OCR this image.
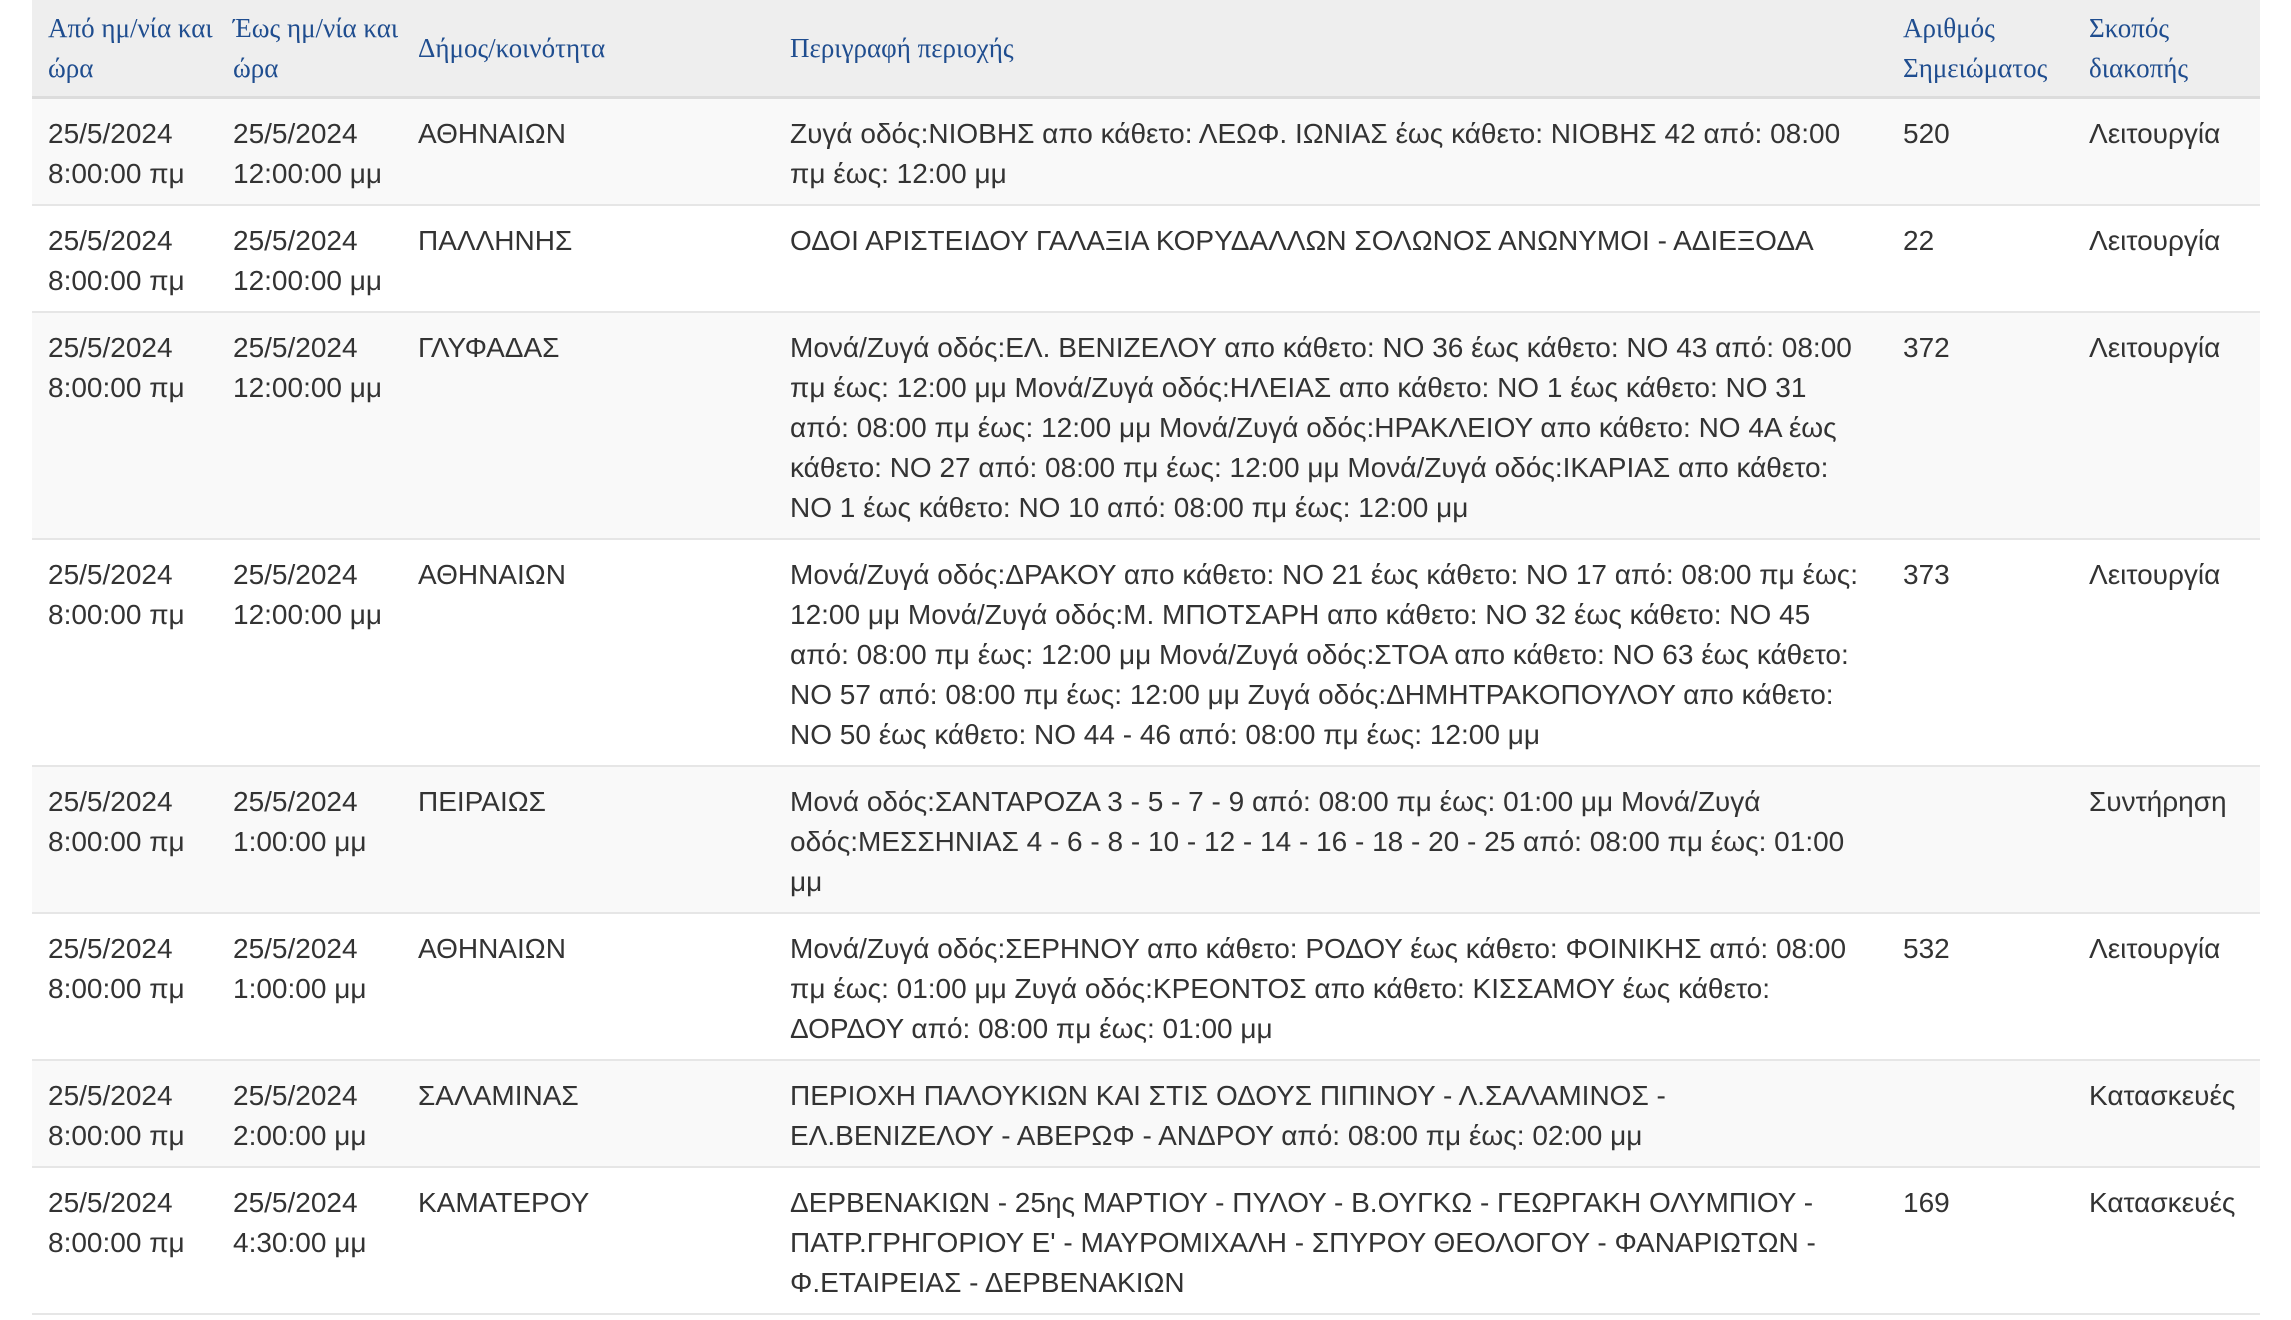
Από ημ/νία και ώρα	Έως ημ/νία και ώρα	Δήμος/κοινότητα	Περιγραφή περιοχής	Αριθμός Σημειώματος	Σκοπός διακοπής
25/5/2024 8:00:00 πμ	25/5/2024 12:00:00 μμ	ΑΘΗΝΑΙΩΝ	Ζυγά οδός:ΝΙΟΒΗΣ απο κάθετο: ΛΕΩΦ. ΙΩΝΙΑΣ έως κάθετο: ΝΙΟΒΗΣ 42 από: 08:00 πμ έως: 12:00 μμ	520	Λειτουργία
25/5/2024 8:00:00 πμ	25/5/2024 12:00:00 μμ	ΠΑΛΛΗΝΗΣ	ΟΔΟΙ ΑΡΙΣΤΕΙΔΟΥ ΓΑΛΑΞΙΑ ΚΟΡΥΔΑΛΛΩΝ ΣΟΛΩΝΟΣ ΑΝΩΝΥΜΟΙ - ΑΔΙΕΞΟΔΑ	22	Λειτουργία
25/5/2024 8:00:00 πμ	25/5/2024 12:00:00 μμ	ΓΛΥΦΑΔΑΣ	Μονά/Ζυγά οδός:ΕΛ. ΒΕΝΙΖΕΛΟΥ απο κάθετο: ΝΟ 36 έως κάθετο: ΝΟ 43 από: 08:00 πμ έως: 12:00 μμ Μονά/Ζυγά οδός:ΗΛΕΙΑΣ απο κάθετο: ΝΟ 1 έως κάθετο: ΝΟ 31 από: 08:00 πμ έως: 12:00 μμ Μονά/Ζυγά οδός:ΗΡΑΚΛΕΙΟΥ απο κάθετο: ΝΟ 4Α έως κάθετο: ΝΟ 27 από: 08:00 πμ έως: 12:00 μμ Μονά/Ζυγά οδός:ΙΚΑΡΙΑΣ απο κάθετο: ΝΟ 1 έως κάθετο: ΝΟ 10 από: 08:00 πμ έως: 12:00 μμ	372	Λειτουργία
25/5/2024 8:00:00 πμ	25/5/2024 12:00:00 μμ	ΑΘΗΝΑΙΩΝ	Μονά/Ζυγά οδός:ΔΡΑΚΟΥ απο κάθετο: ΝΟ 21 έως κάθετο: ΝΟ 17 από: 08:00 πμ έως: 12:00 μμ Μονά/Ζυγά οδός:Μ. ΜΠΟΤΣΑΡΗ απο κάθετο: ΝΟ 32 έως κάθετο: ΝΟ 45 από: 08:00 πμ έως: 12:00 μμ Μονά/Ζυγά οδός:ΣΤΟΑ απο κάθετο: ΝΟ 63 έως κάθετο: ΝΟ 57 από: 08:00 πμ έως: 12:00 μμ Ζυγά οδός:ΔΗΜΗΤΡΑΚΟΠΟΥΛΟΥ απο κάθετο: ΝΟ 50 έως κάθετο: ΝΟ 44 - 46 από: 08:00 πμ έως: 12:00 μμ	373	Λειτουργία
25/5/2024 8:00:00 πμ	25/5/2024 1:00:00 μμ	ΠΕΙΡΑΙΩΣ	Μονά οδός:ΣΑΝΤΑΡΟΖΑ 3 - 5 - 7 - 9 από: 08:00 πμ έως: 01:00 μμ Μονά/Ζυγά οδός:ΜΕΣΣΗΝΙΑΣ 4 - 6 - 8 - 10 - 12 - 14 - 16 - 18 - 20 - 25 από: 08:00 πμ έως: 01:00 μμ		Συντήρηση
25/5/2024 8:00:00 πμ	25/5/2024 1:00:00 μμ	ΑΘΗΝΑΙΩΝ	Μονά/Ζυγά οδός:ΣΕΡΗΝΟΥ απο κάθετο: ΡΟΔΟΥ έως κάθετο: ΦΟΙΝΙΚΗΣ από: 08:00 πμ έως: 01:00 μμ Ζυγά οδός:ΚΡΕΟΝΤΟΣ απο κάθετο: ΚΙΣΣΑΜΟΥ έως κάθετο: ΔΟΡΔΟΥ από: 08:00 πμ έως: 01:00 μμ	532	Λειτουργία
25/5/2024 8:00:00 πμ	25/5/2024 2:00:00 μμ	ΣΑΛΑΜΙΝΑΣ	ΠΕΡΙΟΧΗ ΠΑΛΟΥΚΙΩΝ ΚΑΙ ΣΤΙΣ ΟΔΟΥΣ ΠΙΠΙΝΟΥ - Λ.ΣΑΛΑΜΙΝΟΣ - ΕΛ.ΒΕΝΙΖΕΛΟΥ - ΑΒΕΡΩΦ - ΑΝΔΡΟΥ από: 08:00 πμ έως: 02:00 μμ		Κατασκευές
25/5/2024 8:00:00 πμ	25/5/2024 4:30:00 μμ	ΚΑΜΑΤΕΡΟΥ	ΔΕΡΒΕΝΑΚΙΩΝ - 25ης ΜΑΡΤΙΟΥ - ΠΥΛΟΥ - Β.ΟΥΓΚΩ - ΓΕΩΡΓΑΚΗ ΟΛΥΜΠΙΟΥ - ΠΑΤΡ.ΓΡΗΓΟΡΙΟΥ Ε' - ΜΑΥΡΟΜΙΧΑΛΗ - ΣΠΥΡΟΥ ΘΕΟΛΟΓΟΥ - ΦΑΝΑΡΙΩΤΩΝ - Φ.ΕΤΑΙΡΕΙΑΣ - ΔΕΡΒΕΝΑΚΙΩΝ	169	Κατασκευές
